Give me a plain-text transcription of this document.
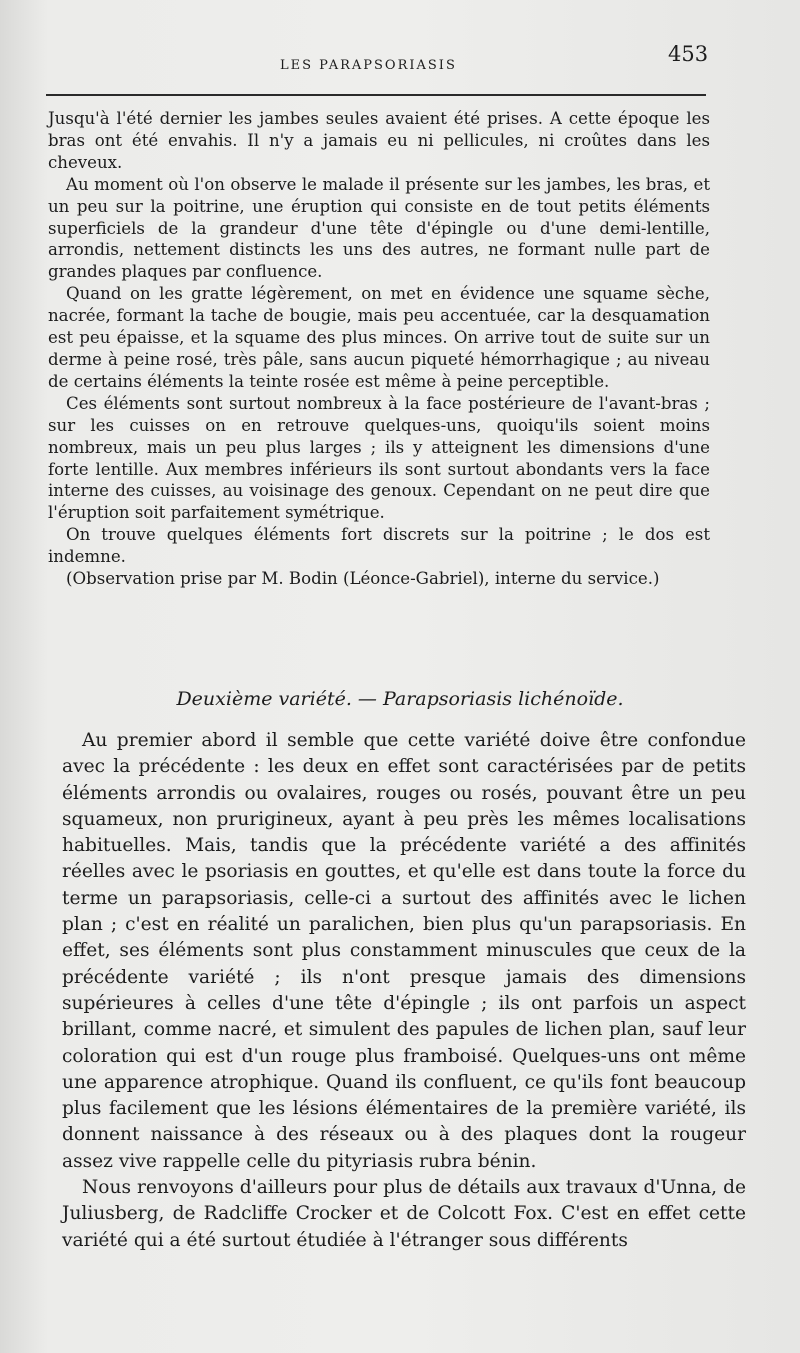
LES PARAPSORIASIS	453

Jusqu'à l'été dernier les jambes seules avaient été prises. A cette époque les bras ont été envahis. Il n'y a jamais eu ni pellicules, ni croûtes dans les cheveux.

Au moment où l'on observe le malade il présente sur les jambes, les bras, et un peu sur la poitrine, une éruption qui consiste en de tout petits éléments superficiels de la grandeur d'une tête d'épingle ou d'une demi-lentille, arrondis, nettement distincts les uns des autres, ne formant nulle part de grandes plaques par confluence.

Quand on les gratte légèrement, on met en évidence une squame sèche, nacrée, formant la tache de bougie, mais peu accentuée, car la desquamation est peu épaisse, et la squame des plus minces. On arrive tout de suite sur un derme à peine rosé, très pâle, sans aucun piqueté hémorrhagique ; au niveau de certains éléments la teinte rosée est même à peine perceptible.

Ces éléments sont surtout nombreux à la face postérieure de l'avant-bras ; sur les cuisses on en retrouve quelques-uns, quoiqu'ils soient moins nombreux, mais un peu plus larges ; ils y atteignent les dimensions d'une forte lentille. Aux membres inférieurs ils sont surtout abondants vers la face interne des cuisses, au voisinage des genoux. Cependant on ne peut dire que l'éruption soit parfaitement symétrique.

On trouve quelques éléments fort discrets sur la poitrine ; le dos est indemne.

(Observation prise par M. Bodin (Léonce-Gabriel), interne du service.)

Deuxième variété. — Parapsoriasis lichénoïde.

Au premier abord il semble que cette variété doive être confondue avec la précédente : les deux en effet sont caractérisées par de petits éléments arrondis ou ovalaires, rouges ou rosés, pouvant être un peu squameux, non prurigineux, ayant à peu près les mêmes localisations habituelles. Mais, tandis que la précédente variété a des affinités réelles avec le psoriasis en gouttes, et qu'elle est dans toute la force du terme un parapsoriasis, celle-ci a surtout des affinités avec le lichen plan ; c'est en réalité un paralichen, bien plus qu'un parapsoriasis. En effet, ses éléments sont plus constamment minuscules que ceux de la précédente variété ; ils n'ont presque jamais des dimensions supérieures à celles d'une tête d'épingle ; ils ont parfois un aspect brillant, comme nacré, et simulent des papules de lichen plan, sauf leur coloration qui est d'un rouge plus framboisé. Quelques-uns ont même une apparence atrophique. Quand ils confluent, ce qu'ils font beaucoup plus facilement que les lésions élémentaires de la première variété, ils donnent naissance à des réseaux ou à des plaques dont la rougeur assez vive rappelle celle du pityriasis rubra bénin.

Nous renvoyons d'ailleurs pour plus de détails aux travaux d'Unna, de Juliusberg, de Radcliffe Crocker et de Colcott Fox. C'est en effet cette variété qui a été surtout étudiée à l'étranger sous différents
